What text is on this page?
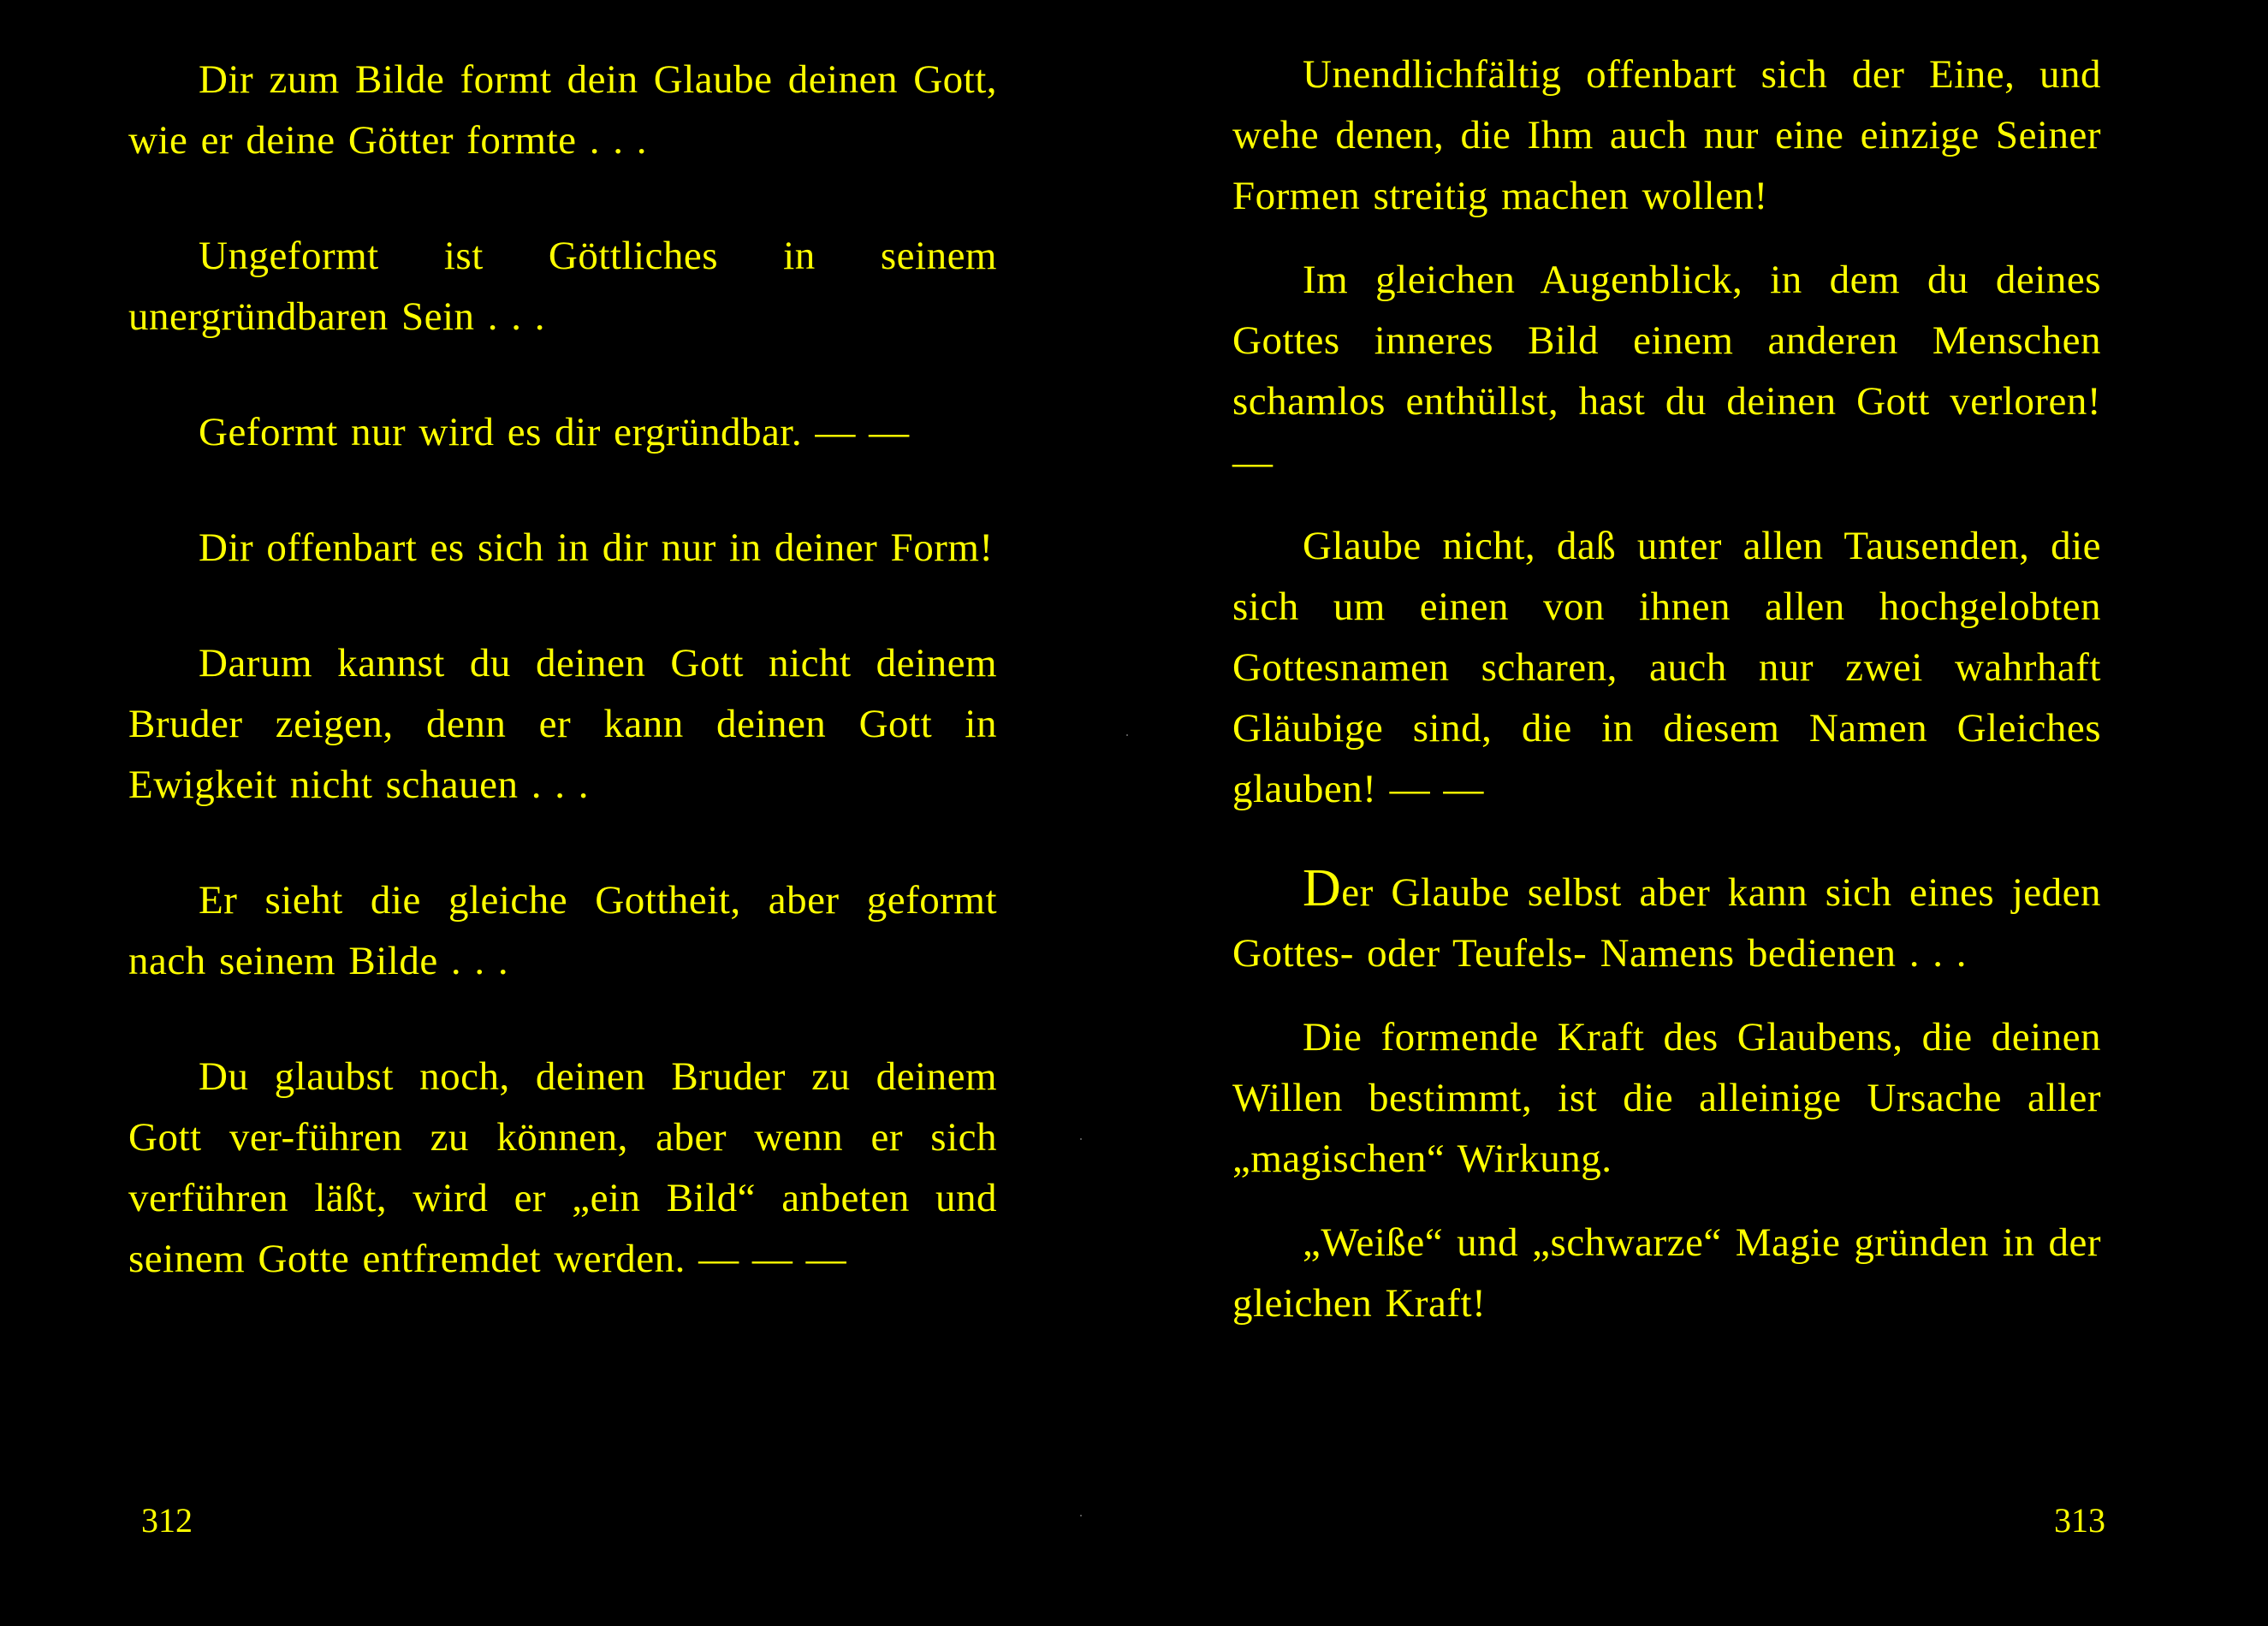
Dir zum Bilde formt dein Glaube deinen Gott, wie er deine Götter formte . . .

Ungeformt ist Göttliches in seinem unergründbaren Sein . . .

Geformt nur wird es dir ergründbar. — —

Dir offenbart es sich in dir nur in deiner Form!

Darum kannst du deinen Gott nicht deinem Bruder zeigen, denn er kann deinen Gott in Ewigkeit nicht schauen . . .

Er sieht die gleiche Gottheit, aber geformt nach seinem Bilde . . .

Du glaubst noch, deinen Bruder zu deinem Gott ver-führen zu können, aber wenn er sich verführen läßt, wird er „ein Bild“ anbeten und seinem Gotte entfremdet werden. — — —

312

Unendlichfältig offenbart sich der Eine, und wehe denen, die Ihm auch nur eine einzige Seiner Formen streitig machen wollen!

Im gleichen Augenblick, in dem du deines Gottes inneres Bild einem anderen Menschen schamlos enthüllst, hast du deinen Gott verloren! —

Glaube nicht, daß unter allen Tausenden, die sich um einen von ihnen allen hochgelobten Gottesnamen scharen, auch nur zwei wahrhaft Gläubige sind, die in diesem Namen Gleiches glauben! — —

Der Glaube selbst aber kann sich eines jeden Gottes- oder Teufels- Namens bedienen . . .

Die formende Kraft des Glaubens, die deinen Willen bestimmt, ist die alleinige Ursache aller „magischen“ Wirkung.

„Weiße“ und „schwarze“ Magie gründen in der gleichen Kraft!

313
